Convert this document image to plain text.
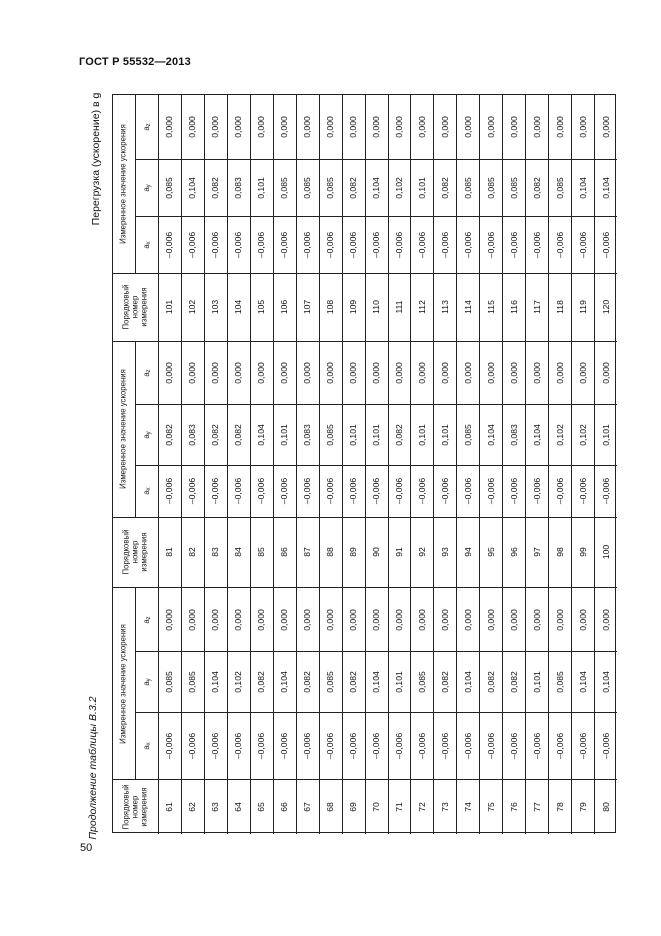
ГОСТ Р 55532—2013
Продолжение таблицы В.3.2
Перегрузка (ускорение) в g
50
Измеренное значение ускорения
Порядковый номер измерения
$a_z$
$a_y$
$a_x$
61
–0,006
0,085
0,000
62
–0,006
0,085
0,000
63
–0,006
0,104
0,000
64
–0,006
0,102
0,000
65
–0,006
0,082
0,000
66
–0,006
0,104
0,000
67
–0,006
0,082
0,000
68
–0,006
0,085
0,000
69
–0,006
0,082
0,000
70
–0,006
0,104
0,000
71
–0,006
0,101
0,000
72
–0,006
0,085
0,000
73
–0,006
0,082
0,000
74
–0,006
0,104
0,000
75
–0,006
0,082
0,000
76
–0,006
0,082
0,000
77
–0,006
0,101
0,000
78
–0,006
0,085
0,000
79
–0,006
0,104
0,000
80
–0,006
0,104
0,000
Измеренное значение ускорения
Порядковый номер измерения
$a_z$
$a_y$
$a_x$
81
–0,006
0,082
0,000
82
–0,006
0,083
0,000
83
–0,006
0,082
0,000
84
–0,006
0,082
0,000
85
–0,006
0,104
0,000
86
–0,006
0,101
0,000
87
–0,006
0,083
0,000
88
–0,006
0,085
0,000
89
–0,006
0,101
0,000
90
–0,006
0,101
0,000
91
–0,006
0,082
0,000
92
–0,006
0,101
0,000
93
–0,006
0,101
0,000
94
–0,006
0,085
0,000
95
–0,006
0,104
0,000
96
–0,006
0,083
0,000
97
–0,006
0,104
0,000
98
–0,006
0,102
0,000
99
–0,006
0,102
0,000
100
–0,006
0,101
0,000
Измеренное значение ускорения
Порядковый номер измерения
$a_z$
$a_y$
$a_x$
101
–0,006
0,085
0,000
102
–0,006
0,104
0,000
103
–0,006
0,082
0,000
104
–0,006
0,083
0,000
105
–0,006
0,101
0,000
106
–0,006
0,085
0,000
107
–0,006
0,085
0,000
108
–0,006
0,085
0,000
109
–0,006
0,082
0,000
110
–0,006
0,104
0,000
111
–0,006
0,102
0,000
112
–0,006
0,101
0,000
113
–0,006
0,082
0,000
114
–0,006
0,085
0,000
115
–0,006
0,085
0,000
116
–0,006
0,085
0,000
117
–0,006
0,082
0,000
118
–0,006
0,085
0,000
119
–0,006
0,104
0,000
120
–0,006
0,104
0,000
